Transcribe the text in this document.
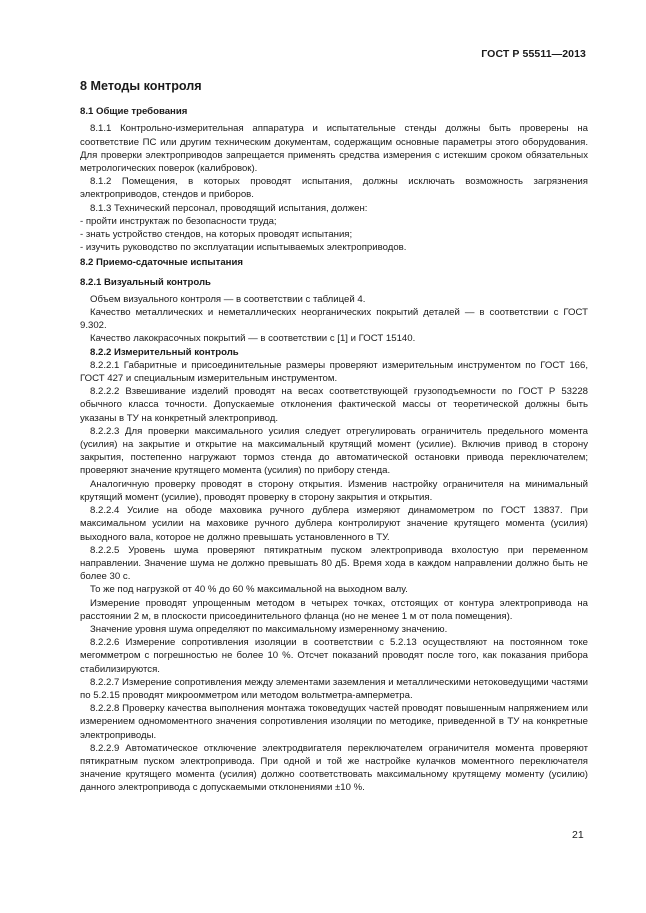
ГОСТ Р 55511—2013
8 Методы контроля
8.1 Общие требования

8.1.1 Контрольно-измерительная аппаратура и испытательные стенды должны быть проверены на соответствие ПС или другим техническим документам, содержащим основные параметры этого оборудования. Для проверки электроприводов запрещается применять средства измерения с истекшим сроком обязательных метрологических поверок (калибровок).

8.1.2 Помещения, в которых проводят испытания, должны исключать возможность загрязнения электроприводов, стендов и приборов.

8.1.3 Технический персонал, проводящий испытания, должен:

- пройти инструктаж по безопасности труда;

- знать устройство стендов, на которых проводят испытания;

- изучить руководство по эксплуатации испытываемых электроприводов.

8.2 Приемо-сдаточные испытания
8.2.1 Визуальный контроль

Объем визуального контроля — в соответствии с таблицей 4.

Качество металлических и неметаллических неорганических покрытий деталей — в соответствии с ГОСТ 9.302.

Качество лакокрасочных покрытий — в соответствии с [1] и ГОСТ 15140.

8.2.2 Измерительный контроль

8.2.2.1 Габаритные и присоединительные размеры проверяют измерительным инструментом по ГОСТ 166, ГОСТ 427 и специальным измерительным инструментом.

8.2.2.2 Взвешивание изделий проводят на весах соответствующей грузоподъемности по ГОСТ Р 53228 обычного класса точности. Допускаемые отклонения фактической массы от теоретической должны быть указаны в ТУ на конкретный электропривод.

8.2.2.3 Для проверки максимального усилия следует отрегулировать ограничитель предельного момента (усилия) на закрытие и открытие на максимальный крутящий момент (усилие). Включив привод в сторону закрытия, постепенно нагружают тормоз стенда до автоматической остановки привода переключателем; проверяют значение крутящего момента (усилия) по прибору стенда.

Аналогичную проверку проводят в сторону открытия. Изменив настройку ограничителя на минимальный крутящий момент (усилие), проводят проверку в сторону закрытия и открытия.

8.2.2.4 Усилие на ободе маховика ручного дублера измеряют динамометром по ГОСТ 13837. При максимальном усилии на маховике ручного дублера контролируют значение крутящего момента (усилия) выходного вала, которое не должно превышать установленного в ТУ.

8.2.2.5 Уровень шума проверяют пятикратным пуском электропривода вхолостую при переменном направлении. Значение шума не должно превышать 80 дБ. Время хода в каждом направлении должно быть не более 30 с.

То же под нагрузкой от 40 % до 60 % максимальной на выходном валу.

Измерение проводят упрощенным методом в четырех точках, отстоящих от контура электропривода на расстоянии 2 м, в плоскости присоединительного фланца (но не менее 1 м от пола помещения).

Значение уровня шума определяют по максимальному измеренному значению.

8.2.2.6 Измерение сопротивления изоляции в соответствии с 5.2.13 осуществляют на постоянном токе мегомметром с погрешностью не более 10 %. Отсчет показаний проводят после того, как показания прибора стабилизируются.

8.2.2.7 Измерение сопротивления между элементами заземления и металлическими нетоковедущими частями по 5.2.15 проводят микроомметром или методом вольтметра-амперметра.

8.2.2.8 Проверку качества выполнения монтажа токоведущих частей проводят повышенным напряжением или измерением одномоментного значения сопротивления изоляции по методике, приведенной в ТУ на конкретные электроприводы.

8.2.2.9 Автоматическое отключение электродвигателя переключателем ограничителя момента проверяют пятикратным пуском электропривода. При одной и той же настройке кулачков моментного переключателя значение крутящего момента (усилия) должно соответствовать максимальному крутящему моменту (усилию) данного электропривода с допускаемыми отклонениями ±10 %.

21
